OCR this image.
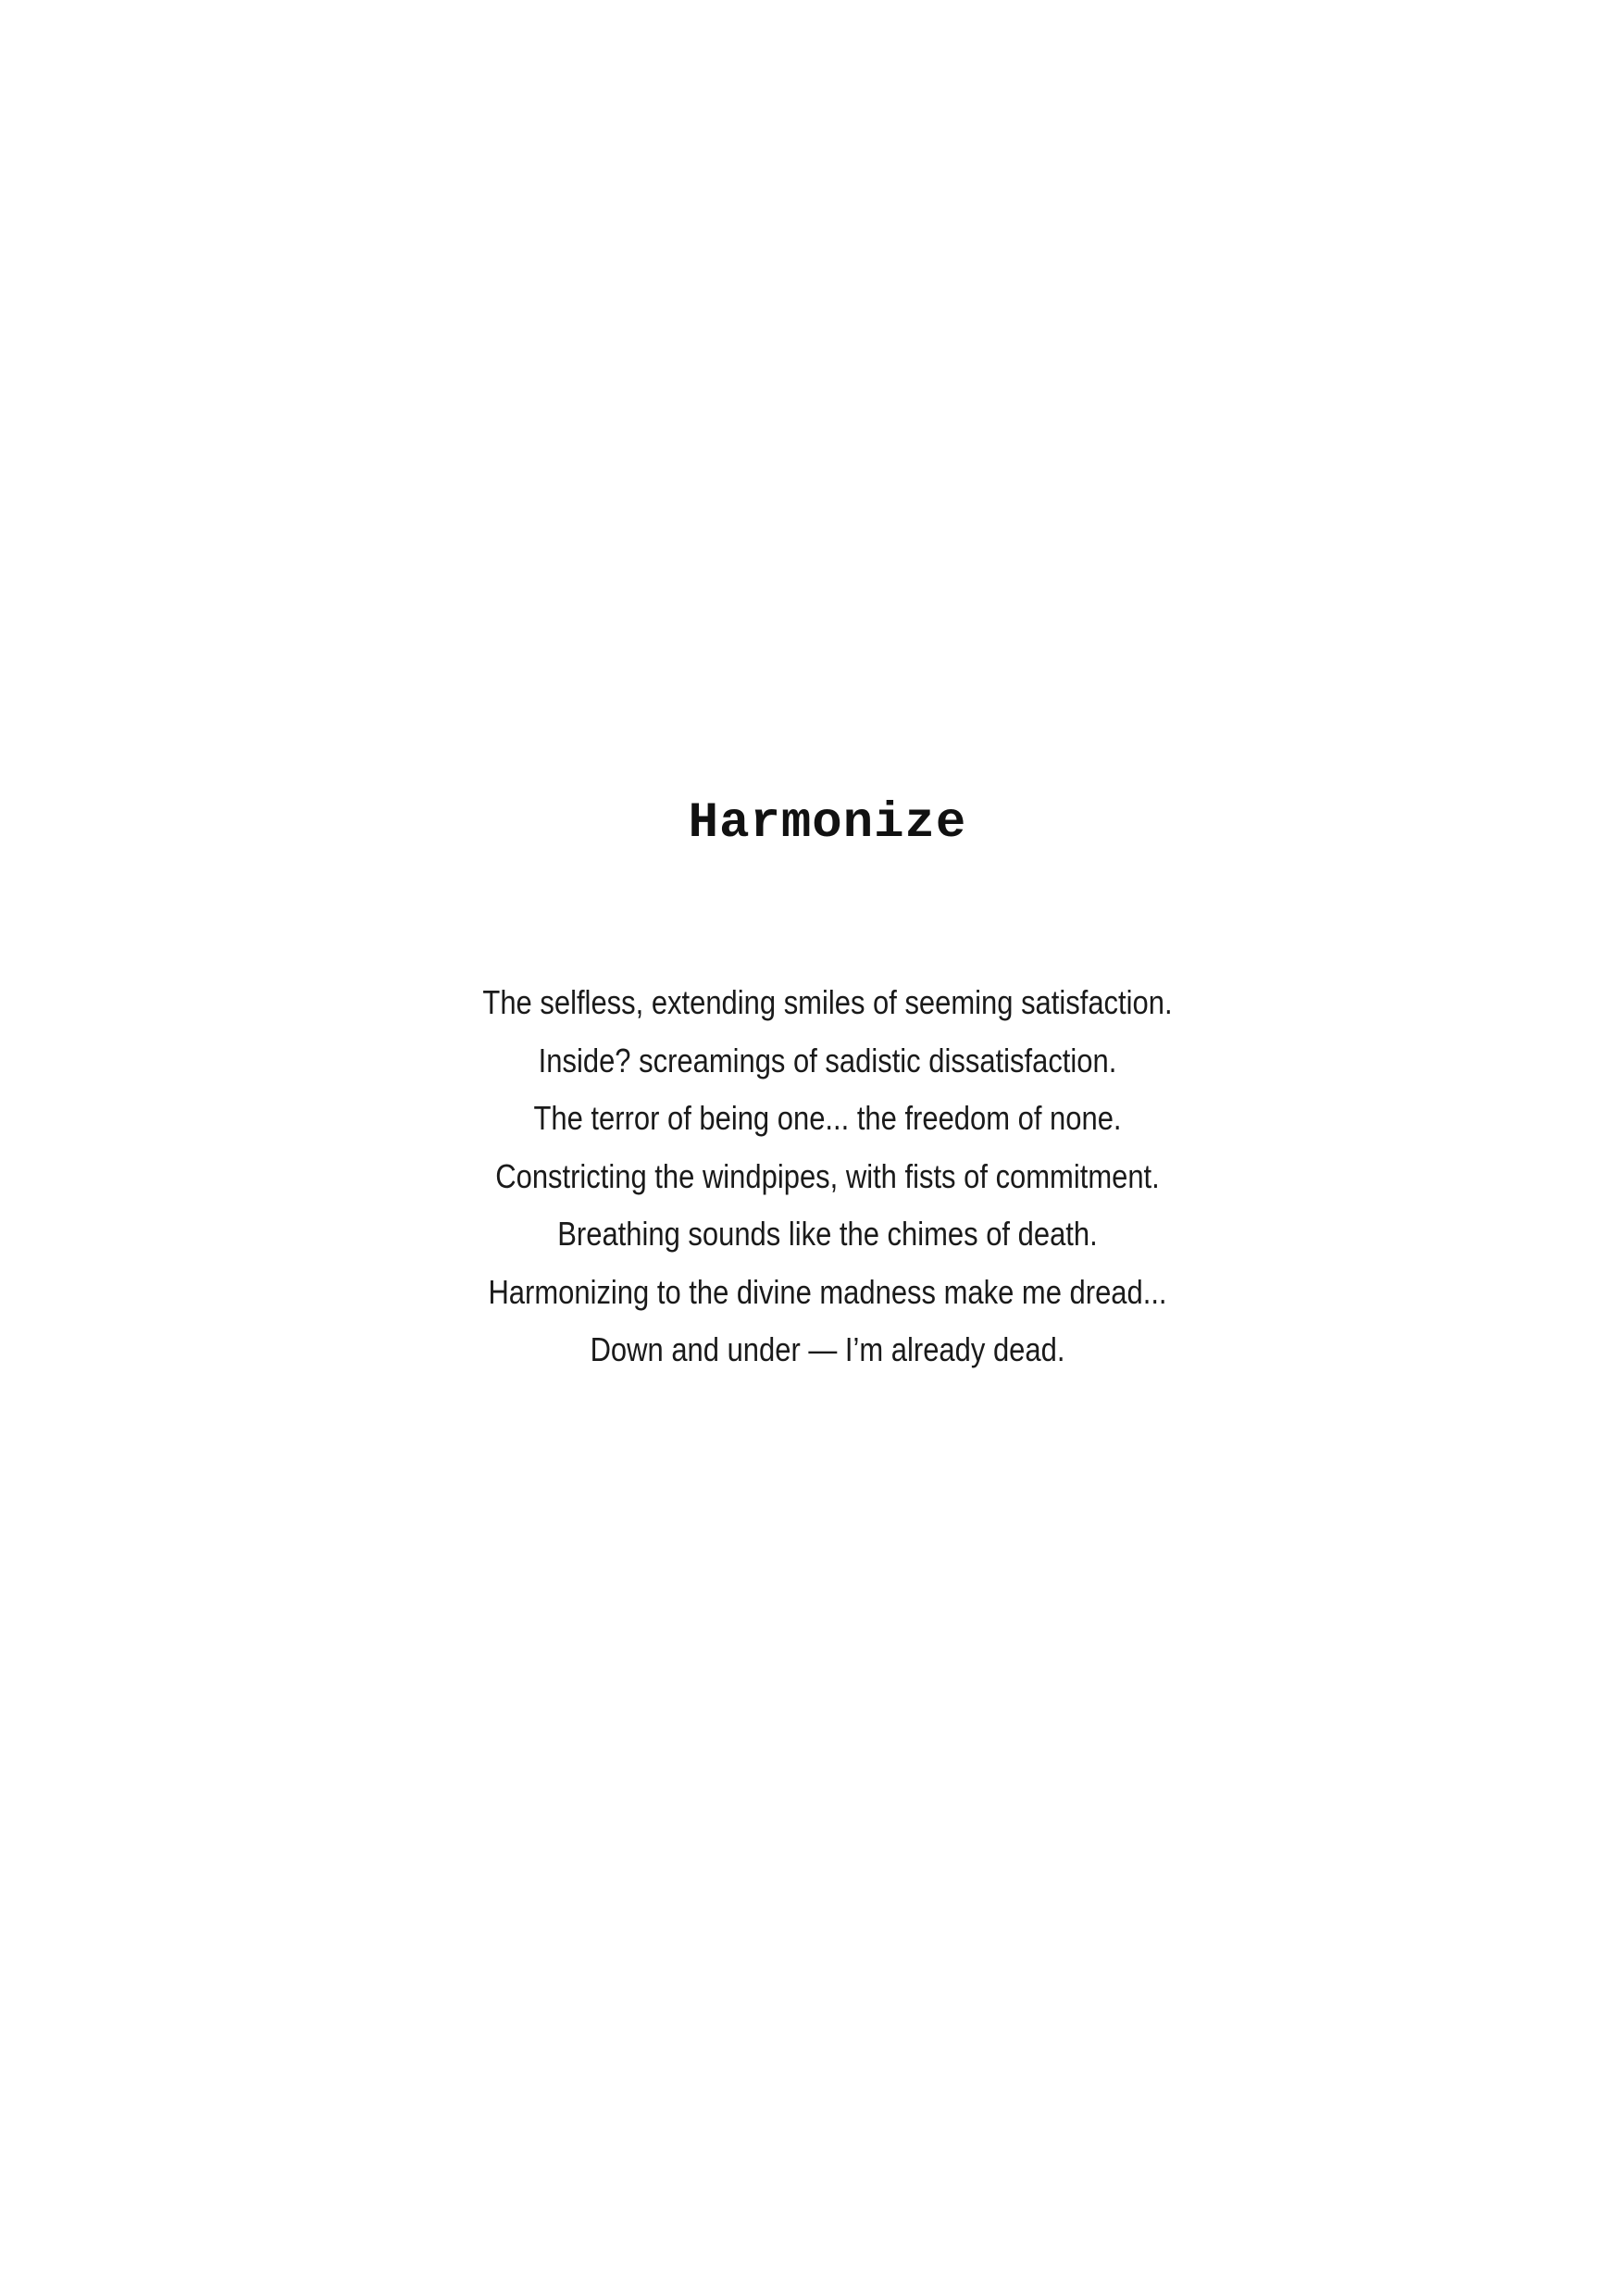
Harmonize
The selfless, extending smiles of seeming satisfaction.
Inside? screamings of sadistic dissatisfaction.
The terror of being one... the freedom of none.
Constricting the windpipes, with fists of commitment.
Breathing sounds like the chimes of death.
Harmonizing to the divine madness make me dread...
Down and under — I’m already dead.
